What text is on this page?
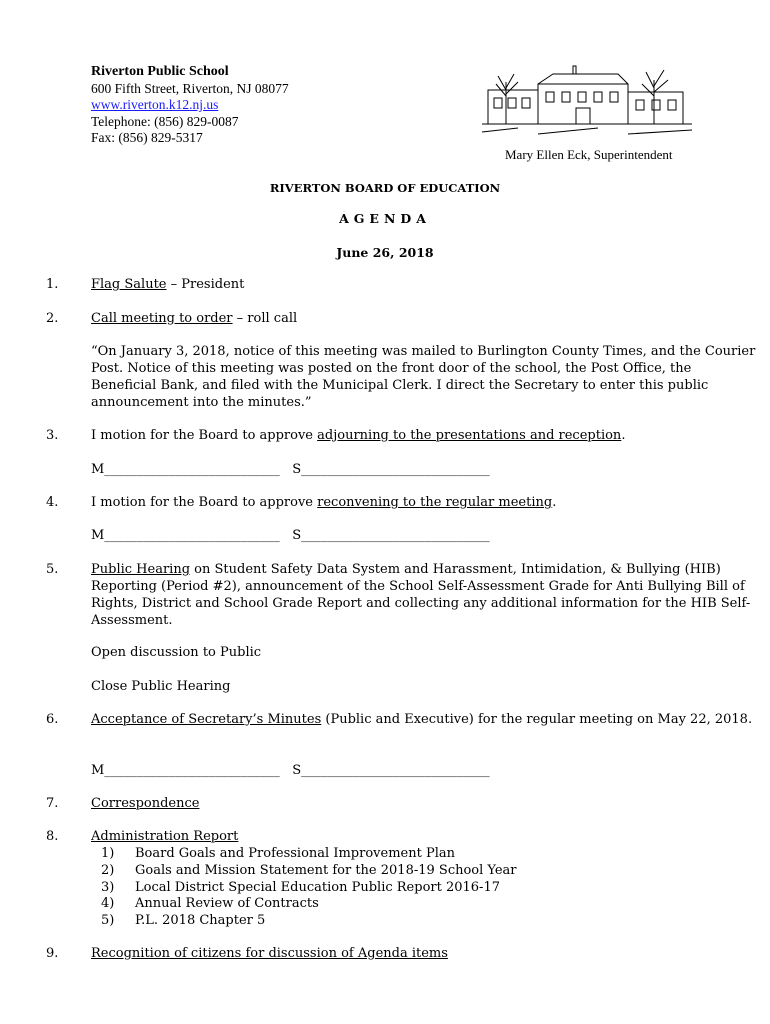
Riverton Public School
600 Fifth Street, Riverton, NJ 08077
www.riverton.k12.nj.us
Telephone: (856) 829-0087
Fax: (856) 829-5317
Mary Ellen Eck, Superintendent
RIVERTON BOARD OF EDUCATION
AGENDA
June 26, 2018
1.	Flag Salute – President
2.	Call meeting to order – roll call
“On January 3, 2018, notice of this meeting was mailed to Burlington County Times, and the Courier Post. Notice of this meeting was posted on the front door of the school, the Post Office, the Beneficial Bank, and filed with the Municipal Clerk. I direct the Secretary to enter this public announcement into the minutes.”
3.	I motion for the Board to approve adjourning to the presentations and reception.
M___________________________   S_____________________________
4.	I motion for the Board to approve reconvening to the regular meeting.
M___________________________   S_____________________________
5.	Public Hearing on Student Safety Data System and Harassment, Intimidation, & Bullying (HIB) Reporting (Period #2), announcement of the School Self-Assessment Grade for Anti Bullying Bill of Rights, District and School Grade Report and collecting any additional information for the HIB Self-Assessment.
Open discussion to Public
Close Public Hearing
6.	Acceptance of Secretary’s Minutes (Public and Executive) for the regular meeting on May 22, 2018.
M___________________________   S_____________________________
7.	Correspondence
8.	Administration Report
1) Board Goals and Professional Improvement Plan
2) Goals and Mission Statement for the 2018-19 School Year
3) Local District Special Education Public Report 2016-17
4) Annual Review of Contracts
5) P.L. 2018 Chapter 5
9.	Recognition of citizens for discussion of Agenda items
